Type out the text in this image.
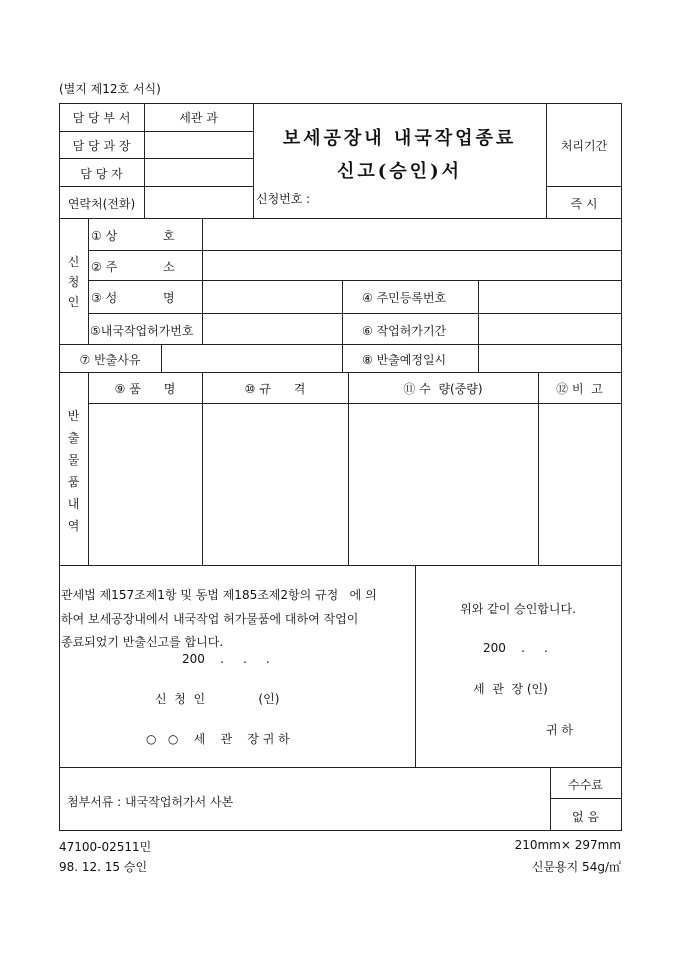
(별지 제12호 서식)
담 당 부 서	세관 과
담 당 과 장
담 당 자
연락처(전화)
보세공장내 내국작업종료
신고(승인)서
신청번호 :
처리기간
즉 시
신
청
인
① 상            호
② 주            소
③ 성            명	④ 주민등록번호
⑤내국작업허가번호	⑥ 작업허가기간
⑦ 반출사유	⑧ 반출예정일시
반
출
물
품
내
역
⑨ 품      명	⑩ 규      격	⑪ 수  량(중량)	⑫ 비  고
관세법 제157조제1항 및 동법 제185조제2항의 규정   에 의
하여 보세공장내에서 내국작업 허가물품에 대하여 작업이
종료되었기 반출신고를 합니다.
200    .     .     .
신  청  인              (인)
○   ○    세    관    장 귀 하
위와 같이 승인합니다.
200    .     .
세  관  장 (인)
귀 하
첨부서류 : 내국작업허가서 사본
수수료
없 음
47100-02511민
98. 12. 15 승인
210mm× 297mm
신문용지 54g/㎡
